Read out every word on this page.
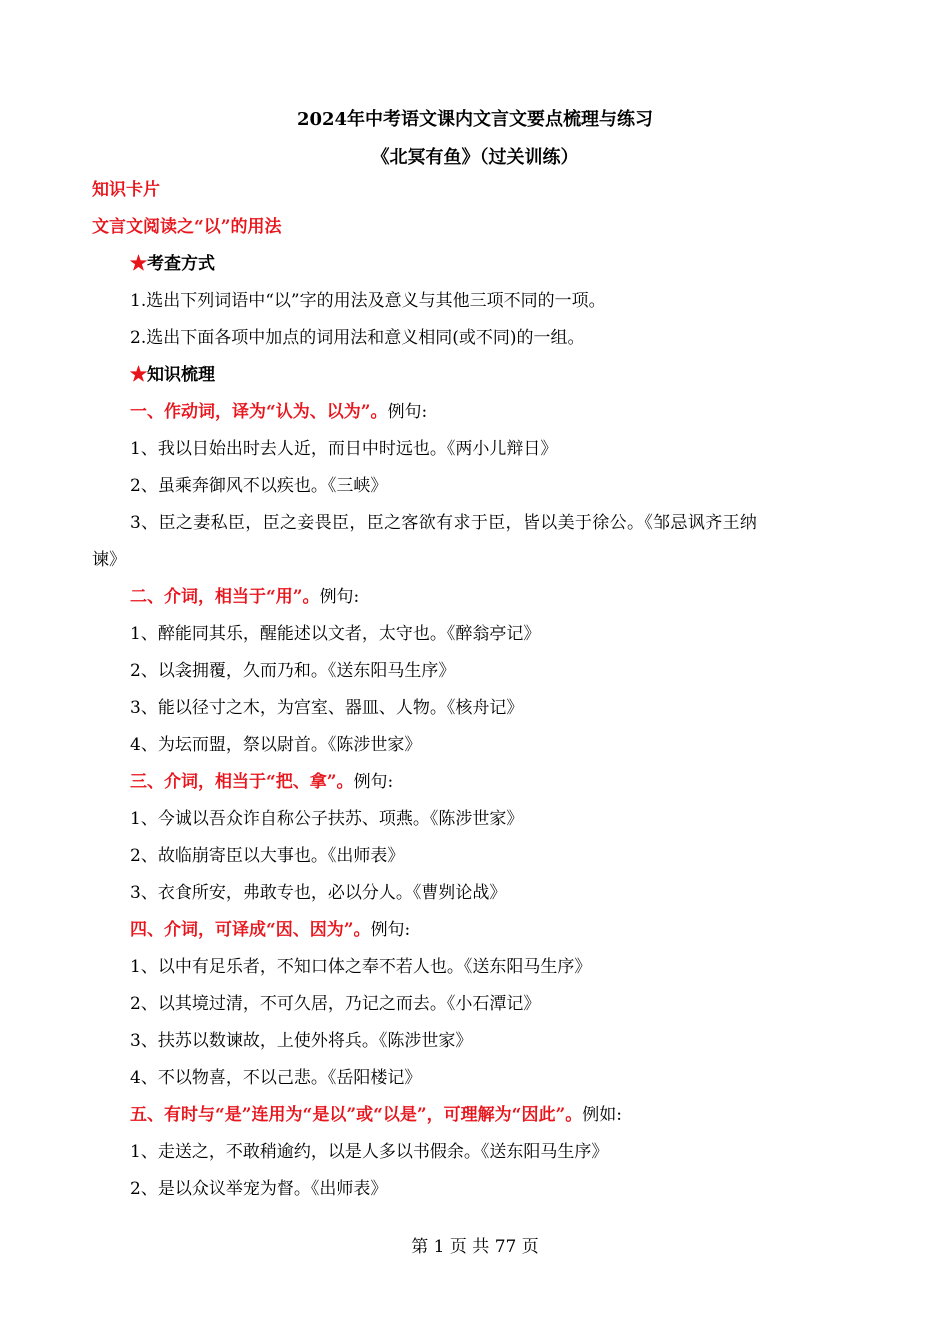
2024年中考语文课内文言文要点梳理与练习
《北冥有鱼》（过关训练）
知识卡片
文言文阅读之“以”的用法
★考查方式
1.选出下列词语中“以”字的用法及意义与其他三项不同的一项。
2.选出下面各项中加点的词用法和意义相同(或不同)的一组。
★知识梳理
一、作动词，译为“认为、以为”。例句:
1、我以日始出时去人近，而日中时远也。《两小儿辩日》
2、虽乘奔御风不以疾也。《三峡》
3、臣之妻私臣，臣之妾畏臣，臣之客欲有求于臣，皆以美于徐公。《邹忌讽齐王纳
谏》
二、介词，相当于“用”。例句:
1、醉能同其乐，醒能述以文者，太守也。《醉翁亭记》
2、以衾拥覆，久而乃和。《送东阳马生序》
3、能以径寸之木，为宫室、器皿、人物。《核舟记》
4、为坛而盟，祭以尉首。《陈涉世家》
三、介词，相当于“把、拿”。例句:
1、今诚以吾众诈自称公子扶苏、项燕。《陈涉世家》
2、故临崩寄臣以大事也。《出师表》
3、衣食所安，弗敢专也，必以分人。《曹刿论战》
四、介词，可译成“因、因为”。例句:
1、以中有足乐者，不知口体之奉不若人也。《送东阳马生序》
2、以其境过清，不可久居，乃记之而去。《小石潭记》
3、扶苏以数谏故，上使外将兵。《陈涉世家》
4、不以物喜，不以己悲。《岳阳楼记》
五、有时与“是”连用为“是以”或“以是”，可理解为“因此”。例如:
1、走送之，不敢稍逾约，以是人多以书假余。《送东阳马生序》
2、是以众议举宠为督。《出师表》
第 1 页 共 77 页
